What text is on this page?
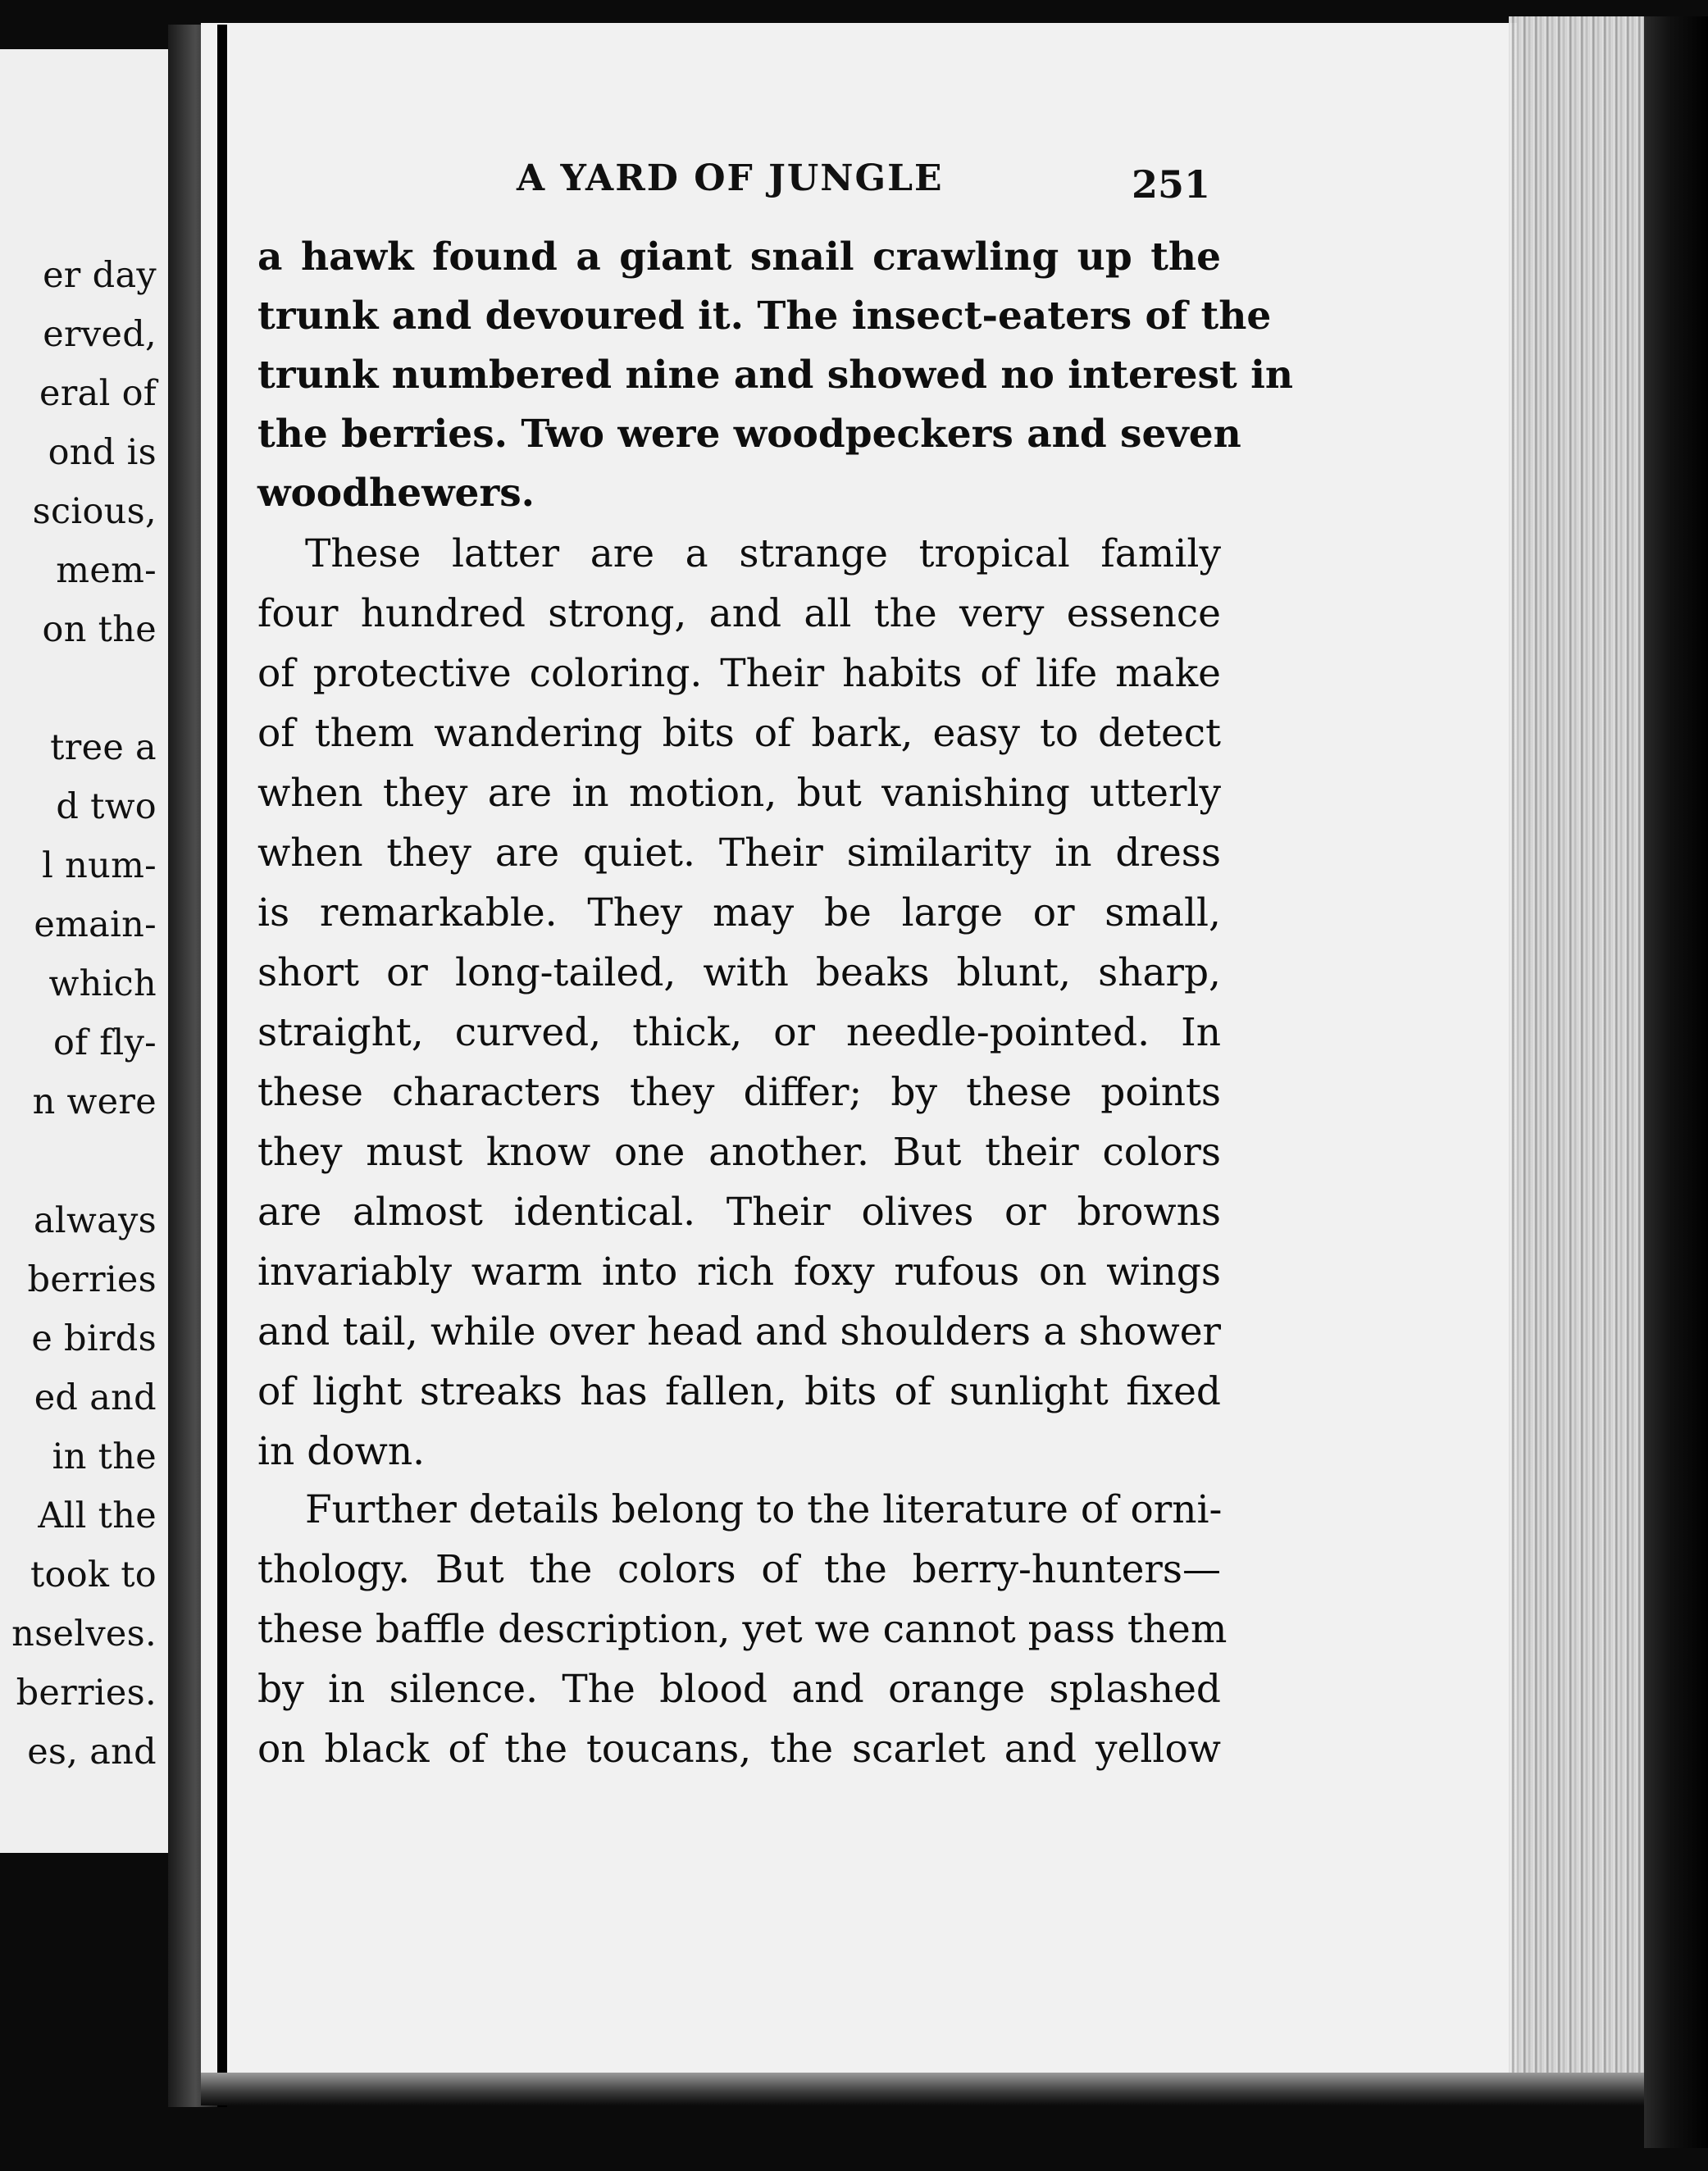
er day
erved,
eral of
ond is
scious,
mem-
on the
tree a
d two
l num-
emain-
which
of fly-
n were
always
berries
e birds
ed and
in the
All the
took to
nselves.
berries.
es, and
A YARD OF JUNGLE	251
a hawk found a giant snail crawling up the
trunk and devoured it. The insect-eaters of the
trunk numbered nine and showed no interest in
the berries. Two were woodpeckers and seven
woodhewers.
These latter are a strange tropical family
four hundred strong, and all the very essence
of protective coloring. Their habits of life make
of them wandering bits of bark, easy to detect
when they are in motion, but vanishing utterly
when they are quiet. Their similarity in dress
is remarkable. They may be large or small,
short or long-tailed, with beaks blunt, sharp,
straight, curved, thick, or needle-pointed. In
these characters they differ; by these points
they must know one another. But their colors
are almost identical. Their olives or browns
invariably warm into rich foxy rufous on wings
and tail, while over head and shoulders a shower
of light streaks has fallen, bits of sunlight fixed
in down.
Further details belong to the literature of orni-
thology. But the colors of the berry-hunters—
these baffle description, yet we cannot pass them
by in silence. The blood and orange splashed
on black of the toucans, the scarlet and yellow
